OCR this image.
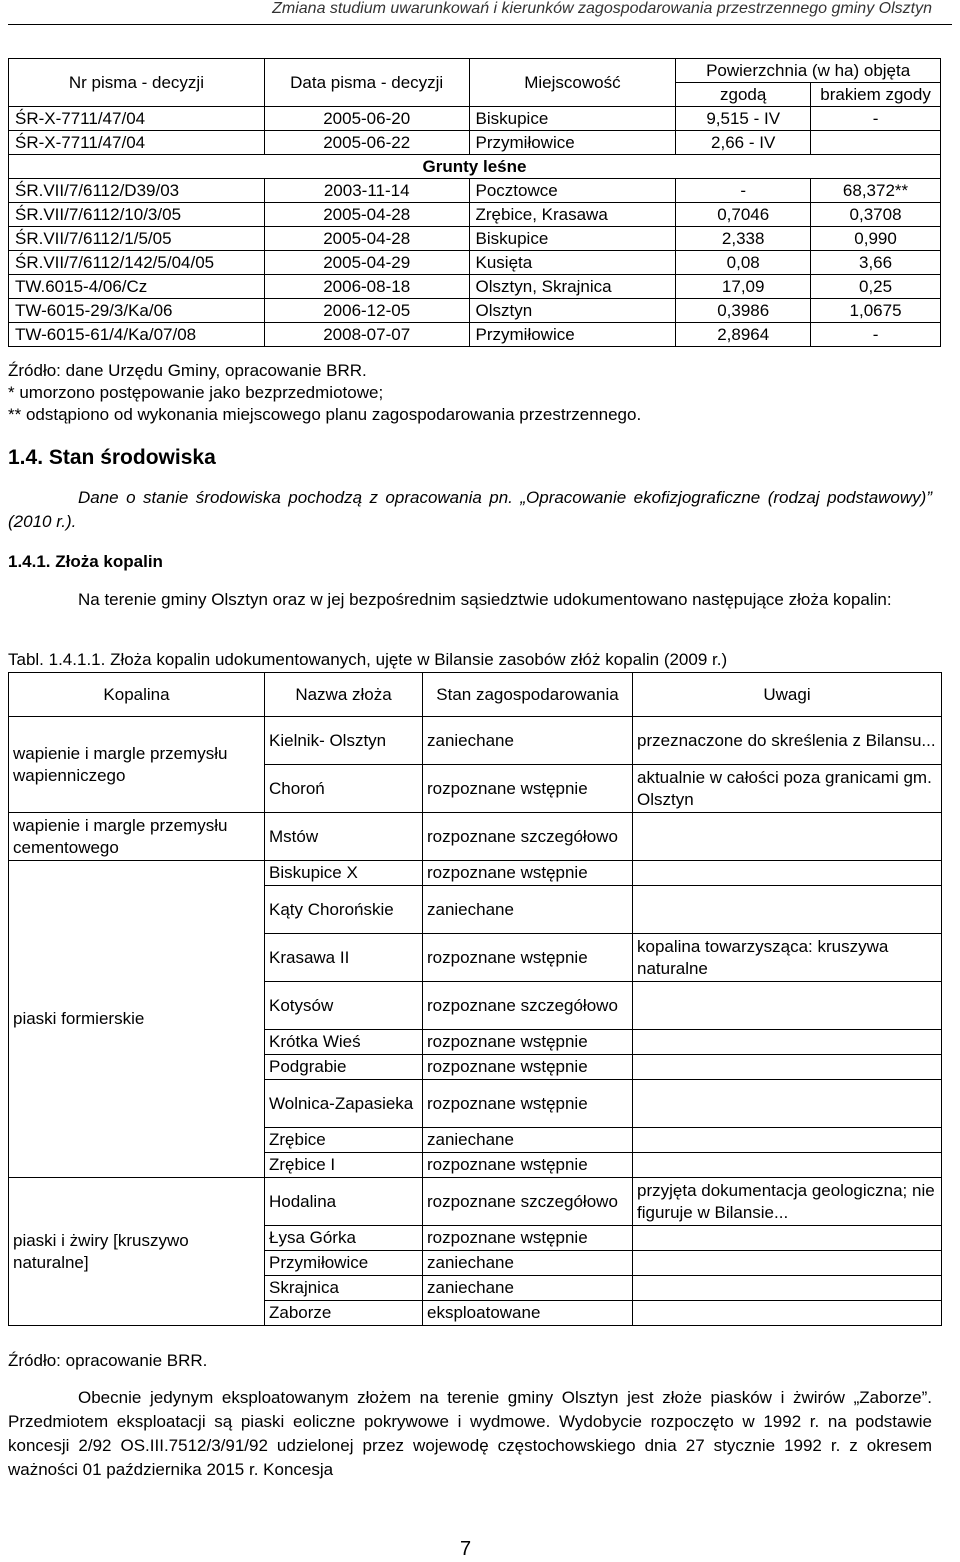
Zmiana studium uwarunkowań i kierunków zagospodarowania przestrzennego gminy Olsztyn
Nr pisma - decyzji	Data pisma - decyzji	Miejscowość	Powierzchnia (w ha) objęta	
			zgodą	brakiem zgody
ŚR-X-7711/47/04	2005-06-20	Biskupice	9,515 - IV	-
ŚR-X-7711/47/04	2005-06-22	Przymiłowice	2,66 - IV	
Grunty leśne				
ŚR.VII/7/6112/D39/03	2003-11-14	Pocztowce	-	68,372**
ŚR.VII/7/6112/10/3/05	2005-04-28	Zrębice, Krasawa	0,7046	0,3708
ŚR.VII/7/6112/1/5/05	2005-04-28	Biskupice	2,338	0,990
ŚR.VII/7/6112/142/5/04/05	2005-04-29	Kusięta	0,08	3,66
TW.6015-4/06/Cz	2006-08-18	Olsztyn, Skrajnica	17,09	0,25
TW-6015-29/3/Ka/06	2006-12-05	Olsztyn	0,3986	1,0675
TW-6015-61/4/Ka/07/08	2008-07-07	Przymiłowice	2,8964	-
Źródło: dane Urzędu Gminy, opracowanie BRR.
* umorzono postępowanie jako bezprzedmiotowe;
** odstąpiono od wykonania miejscowego planu zagospodarowania przestrzennego.
1.4. Stan środowiska
Dane o stanie środowiska pochodzą z opracowania pn. „Opracowanie ekofizjograficzne (rodzaj podstawowy)” (2010 r.).
1.4.1. Złoża kopalin
Na terenie gminy Olsztyn oraz w jej bezpośrednim sąsiedztwie udokumentowano następujące złoża kopalin:
Tabl. 1.4.1.1. Złoża kopalin udokumentowanych, ujęte w Bilansie zasobów złóż kopalin (2009 r.)
Kopalina	Nazwa złoża	Stan zagospodarowania	Uwagi
wapienie i margle przemysłu wapienniczego	Kielnik- Olsztyn	zaniechane	przeznaczone do skreślenia z Bilansu...
	Choroń	rozpoznane wstępnie	aktualnie w całości poza granicami gm. Olsztyn
wapienie i margle przemysłu cementowego	Mstów	rozpoznane szczegółowo	
piaski formierskie	Biskupice X	rozpoznane wstępnie	
	Kąty Chorońskie	zaniechane	
	Krasawa II	rozpoznane wstępnie	kopalina towarzysząca: kruszywa naturalne
	Kotysów	rozpoznane szczegółowo	
	Krótka Wieś	rozpoznane wstępnie	
	Podgrabie	rozpoznane wstępnie	
	Wolnica-Zapasieka	rozpoznane wstępnie	
	Zrębice	zaniechane	
	Zrębice I	rozpoznane wstępnie	
piaski i żwiry [kruszywo naturalne]	Hodalina	rozpoznane szczegółowo	przyjęta dokumentacja geologiczna; nie figuruje w Bilansie...
	Łysa Górka	rozpoznane wstępnie	
	Przymiłowice	zaniechane	
	Skrajnica	zaniechane	
	Zaborze	eksploatowane	
Źródło: opracowanie BRR.
Obecnie jedynym eksploatowanym złożem na terenie gminy Olsztyn jest złoże piasków i żwirów „Zaborze”. Przedmiotem eksploatacji są piaski eoliczne pokrywowe i wydmowe. Wydobycie rozpoczęto w 1992 r. na podstawie koncesji 2/92 OS.III.7512/3/91/92 udzielonej przez wojewodę częstochowskiego dnia 27 stycznie 1992 r. z okresem ważności 01 października 2015 r. Koncesja
7
